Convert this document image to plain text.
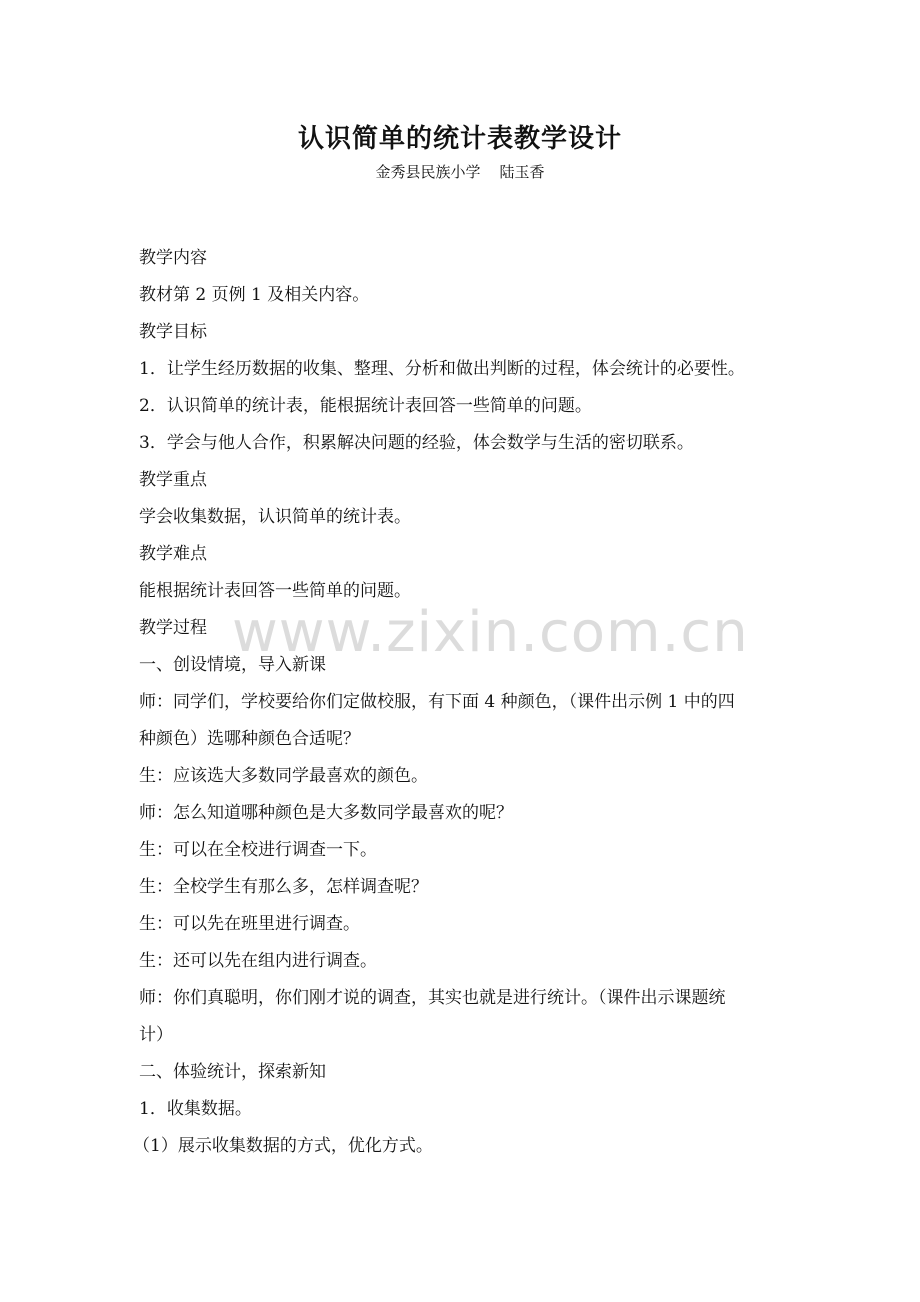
认识简单的统计表教学设计
金秀县民族小学    陆玉香
教学内容
教材第 2 页例 1 及相关内容。
教学目标
1．让学生经历数据的收集、整理、分析和做出判断的过程，体会统计的必要性。
2．认识简单的统计表，能根据统计表回答一些简单的问题。
3．学会与他人合作，积累解决问题的经验，体会数学与生活的密切联系。
教学重点
学会收集数据，认识简单的统计表。
教学难点
能根据统计表回答一些简单的问题。
教学过程
一、创设情境，导入新课
师：同学们，学校要给你们定做校服，有下面 4 种颜色，（课件出示例 1 中的四
种颜色）选哪种颜色合适呢？
生：应该选大多数同学最喜欢的颜色。
师：怎么知道哪种颜色是大多数同学最喜欢的呢？
生：可以在全校进行调查一下。
生：全校学生有那么多，怎样调查呢？
生：可以先在班里进行调查。
生：还可以先在组内进行调查。
师：你们真聪明，你们刚才说的调查，其实也就是进行统计。（课件出示课题统
计）
二、体验统计，探索新知
1．收集数据。
（1）展示收集数据的方式，优化方式。
www.zixin.com.cn
